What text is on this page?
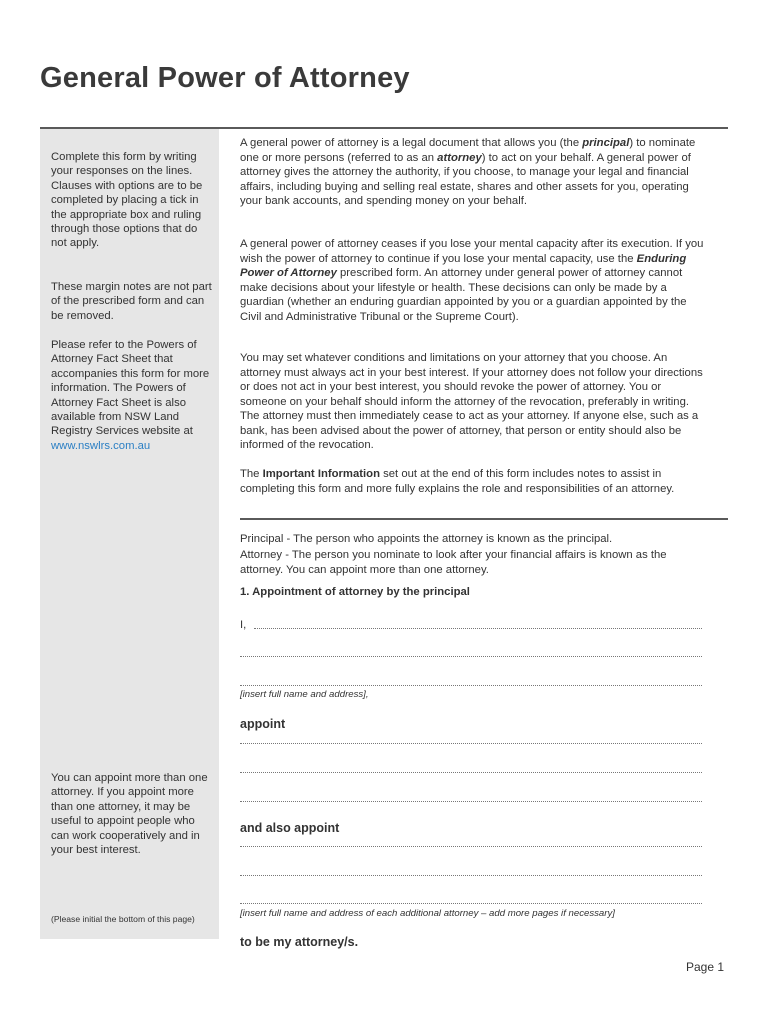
General Power of Attorney

Complete this form by writing your responses on the lines. Clauses with options are to be completed by placing a tick in the appropriate box and ruling through those options that do not apply.

These margin notes are not part of the prescribed form and can be removed.

Please refer to the Powers of Attorney Fact Sheet that accompanies this form for more information. The Powers of Attorney Fact Sheet is also available from NSW Land Registry Services website at www.nswlrs.com.au

You can appoint more than one attorney. If you appoint more than one attorney, it may be useful to appoint people who can work cooperatively and in your best interest.

(Please initial the bottom of this page)

A general power of attorney is a legal document that allows you (the principal) to nominate one or more persons (referred to as an attorney) to act on your behalf. A general power of attorney gives the attorney the authority, if you choose, to manage your legal and financial affairs, including buying and selling real estate, shares and other assets for you, operating your bank accounts, and spending money on your behalf.

A general power of attorney ceases if you lose your mental capacity after its execution. If you wish the power of attorney to continue if you lose your mental capacity, use the Enduring Power of Attorney prescribed form. An attorney under general power of attorney cannot make decisions about your lifestyle or health. These decisions can only be made by a guardian (whether an enduring guardian appointed by you or a guardian appointed by the Civil and Administrative Tribunal or the Supreme Court).

You may set whatever conditions and limitations on your attorney that you choose. An attorney must always act in your best interest. If your attorney does not follow your directions or does not act in your best interest, you should revoke the power of attorney. You or someone on your behalf should inform the attorney of the revocation, preferably in writing. The attorney must then immediately cease to act as your attorney. If anyone else, such as a bank, has been advised about the power of attorney, that person or entity should also be informed of the revocation.

The Important Information set out at the end of this form includes notes to assist in completing this form and more fully explains the role and responsibilities of an attorney.

Principal - The person who appoints the attorney is known as the principal.

Attorney - The person you nominate to look after your financial affairs is known as the attorney. You can appoint more than one attorney.

1. Appointment of attorney by the principal
I,
[insert full name and address],
appoint
and also appoint
[insert full name and address of each additional attorney – add more pages if necessary]
to be my attorney/s.
Page 1
